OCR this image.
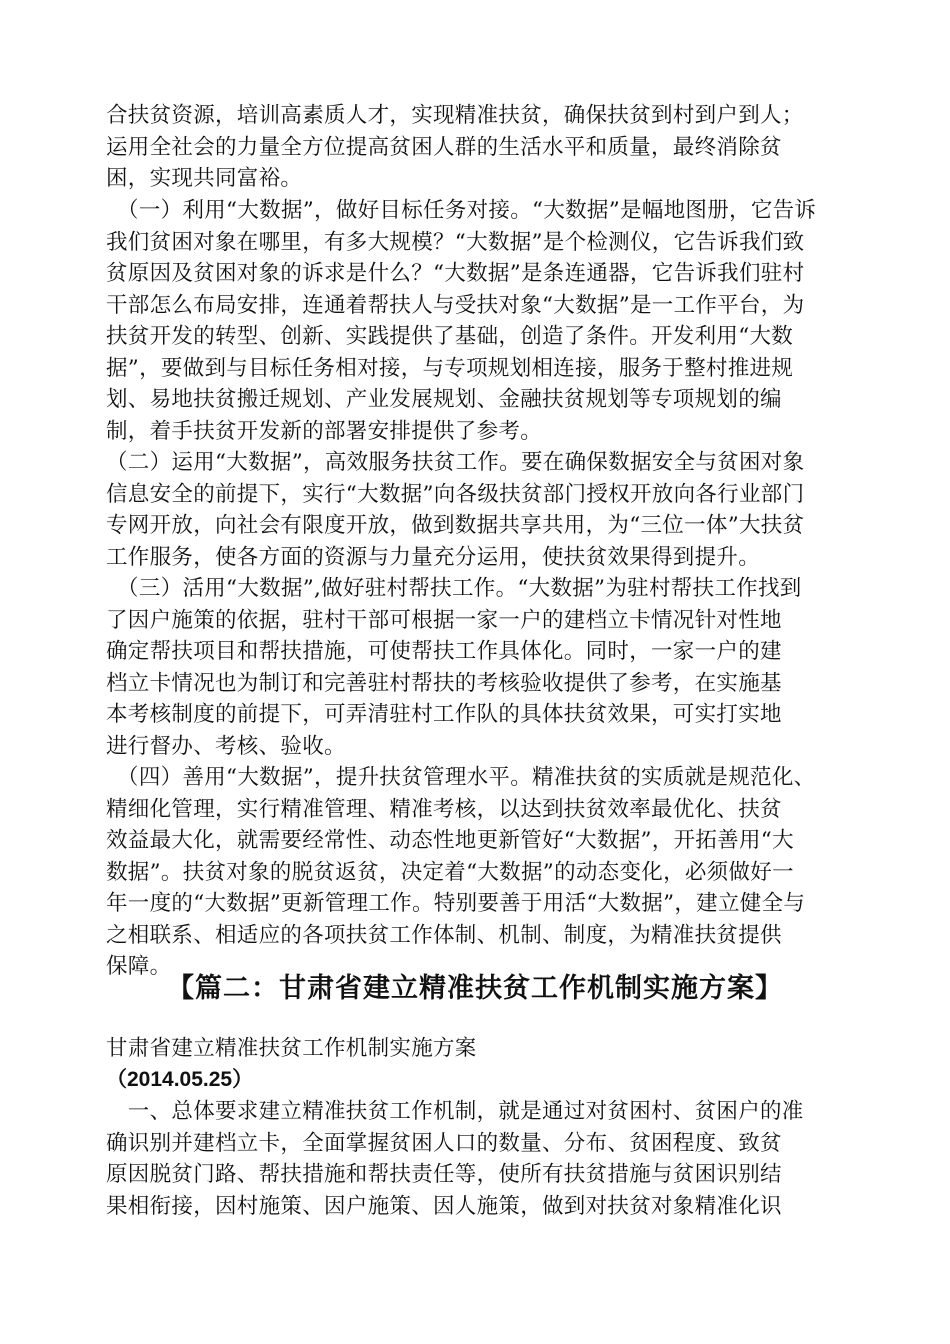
合扶贫资源，培训高素质人才，实现精准扶贫，确保扶贫到村到户到人；
运用全社会的力量全方位提高贫困人群的生活水平和质量，最终消除贫
困，实现共同富裕。

　（一）利用“大数据”，做好目标任务对接。“大数据”是幅地图册，它告诉
我们贫困对象在哪里，有多大规模？“大数据”是个检测仪，它告诉我们致
贫原因及贫困对象的诉求是什么？“大数据”是条连通器，它告诉我们驻村
干部怎么布局安排，连通着帮扶人与受扶对象“大数据”是一工作平台，为
扶贫开发的转型、创新、实践提供了基础，创造了条件。开发利用“大数
据”，要做到与目标任务相对接，与专项规划相连接，服务于整村推进规
划、易地扶贫搬迁规划、产业发展规划、金融扶贫规划等专项规划的编
制，着手扶贫开发新的部署安排提供了参考。

（二）运用“大数据”，高效服务扶贫工作。要在确保数据安全与贫困对象
信息安全的前提下，实行“大数据”向各级扶贫部门授权开放向各行业部门
专网开放，向社会有限度开放，做到数据共享共用，为“三位一体”大扶贫
工作服务，使各方面的资源与力量充分运用，使扶贫效果得到提升。

　（三）活用“大数据”,做好驻村帮扶工作。“大数据”为驻村帮扶工作找到
了因户施策的依据，驻村干部可根据一家一户的建档立卡情况针对性地
确定帮扶项目和帮扶措施，可使帮扶工作具体化。同时，一家一户的建
档立卡情况也为制订和完善驻村帮扶的考核验收提供了参考，在实施基
本考核制度的前提下，可弄清驻村工作队的具体扶贫效果，可实打实地
进行督办、考核、验收。

　（四）善用“大数据”，提升扶贫管理水平。精准扶贫的实质就是规范化、
精细化管理，实行精准管理、精准考核，以达到扶贫效率最优化、扶贫
效益最大化，就需要经常性、动态性地更新管好“大数据”，开拓善用“大
数据”。扶贫对象的脱贫返贫，决定着“大数据”的动态变化，必须做好一
年一度的“大数据”更新管理工作。特别要善于用活“大数据”，建立健全与
之相联系、相适应的各项扶贫工作体制、机制、制度，为精准扶贫提供
保障。

【篇二：甘肃省建立精准扶贫工作机制实施方案】

甘肃省建立精准扶贫工作机制实施方案

（2014.05.25）

　一、总体要求建立精准扶贫工作机制，就是通过对贫困村、贫困户的准
确识别并建档立卡，全面掌握贫困人口的数量、分布、贫困程度、致贫
原因脱贫门路、帮扶措施和帮扶责任等，使所有扶贫措施与贫困识别结
果相衔接，因村施策、因户施策、因人施策，做到对扶贫对象精准化识
